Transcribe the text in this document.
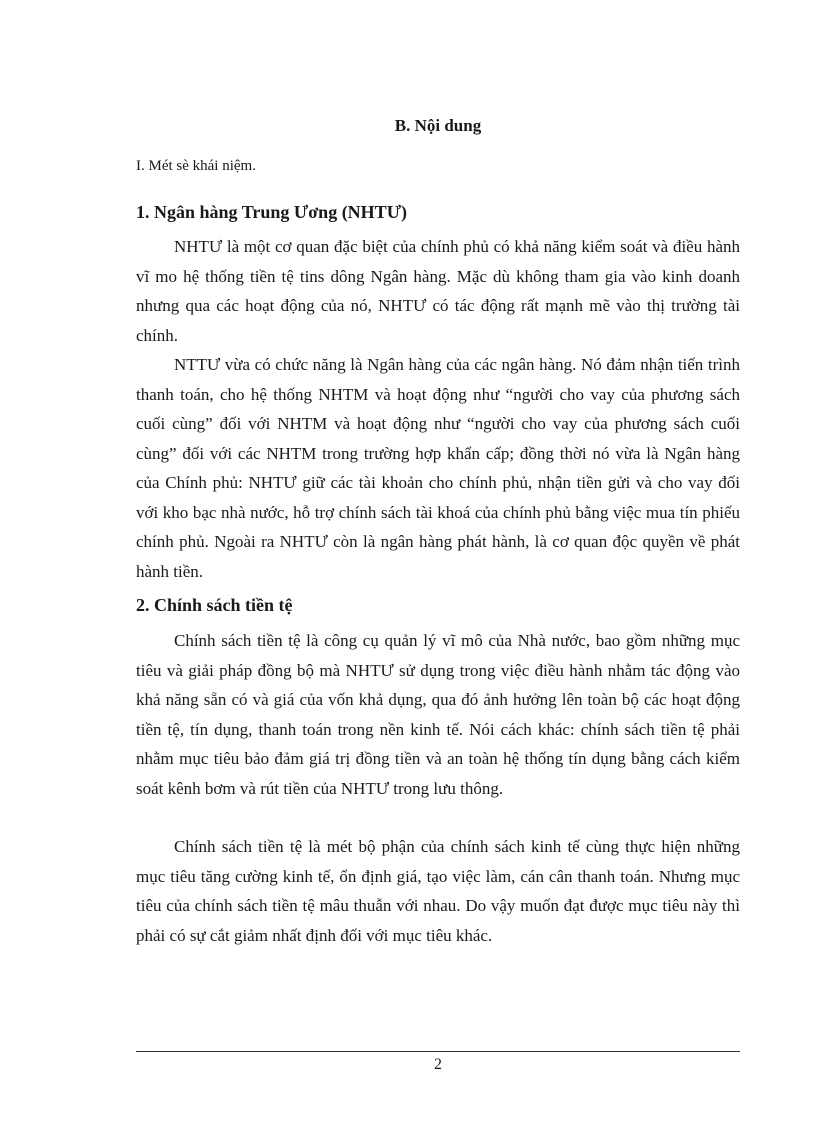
B. Nội dung

I. Mét sè khái niệm.

1. Ngân hàng Trung Ương (NHTƯ)

NHTƯ là một cơ quan đặc biệt của chính phủ có khả năng kiểm soát và điều hành vĩ mo hệ thống tiền tệ tins dông Ngân hàng. Mặc dù không tham gia vào kinh doanh nhưng qua các hoạt động của nó, NHTƯ có tác động rất mạnh mẽ vào thị trường tài chính.

NTTƯ vừa có chức năng là Ngân hàng của các ngân hàng. Nó đảm nhận tiến trình thanh toán, cho hệ thống NHTM và hoạt động như “người cho vay của phương sách cuối cùng” đối với NHTM và hoạt động như “người cho vay của phương sách cuối cùng” đối với các NHTM trong trường hợp khẩn cấp; đồng thời nó vừa là Ngân hàng của Chính phủ: NHTƯ giữ các tài khoản cho chính phủ, nhận tiền gửi và cho vay đối với kho bạc nhà nước, hỗ trợ chính sách tài khoá của chính phủ bằng việc mua tín phiếu chính phủ. Ngoài ra NHTƯ còn là ngân hàng phát hành, là cơ quan độc quyền về phát hành tiền.

2. Chính sách tiền tệ

Chính sách tiền tệ là công cụ quản lý vĩ mô của Nhà nước, bao gồm những mục tiêu và giải pháp đồng bộ mà NHTƯ sử dụng trong việc điều hành nhằm tác động vào khả năng sẵn có và giá của vốn khả dụng, qua đó ảnh hưởng lên toàn bộ các hoạt động tiền tệ, tín dụng, thanh toán trong nền kinh tế. Nói cách khác: chính sách tiền tệ phải nhằm mục tiêu bảo đảm giá trị đồng tiền và an toàn hệ thống tín dụng bằng cách kiểm soát kênh bơm và rút tiền của NHTƯ trong lưu thông.

Chính sách tiền tệ là mét bộ phận của chính sách kinh tế cùng thực hiện những mục tiêu tăng cường kinh tế, ổn định giá, tạo việc làm, cán cân thanh toán. Nhưng mục tiêu của chính sách tiền tệ mâu thuẫn với nhau. Do vậy muốn đạt được mục tiêu này thì phải có sự cắt giảm nhất định đối với mục tiêu khác.

2
